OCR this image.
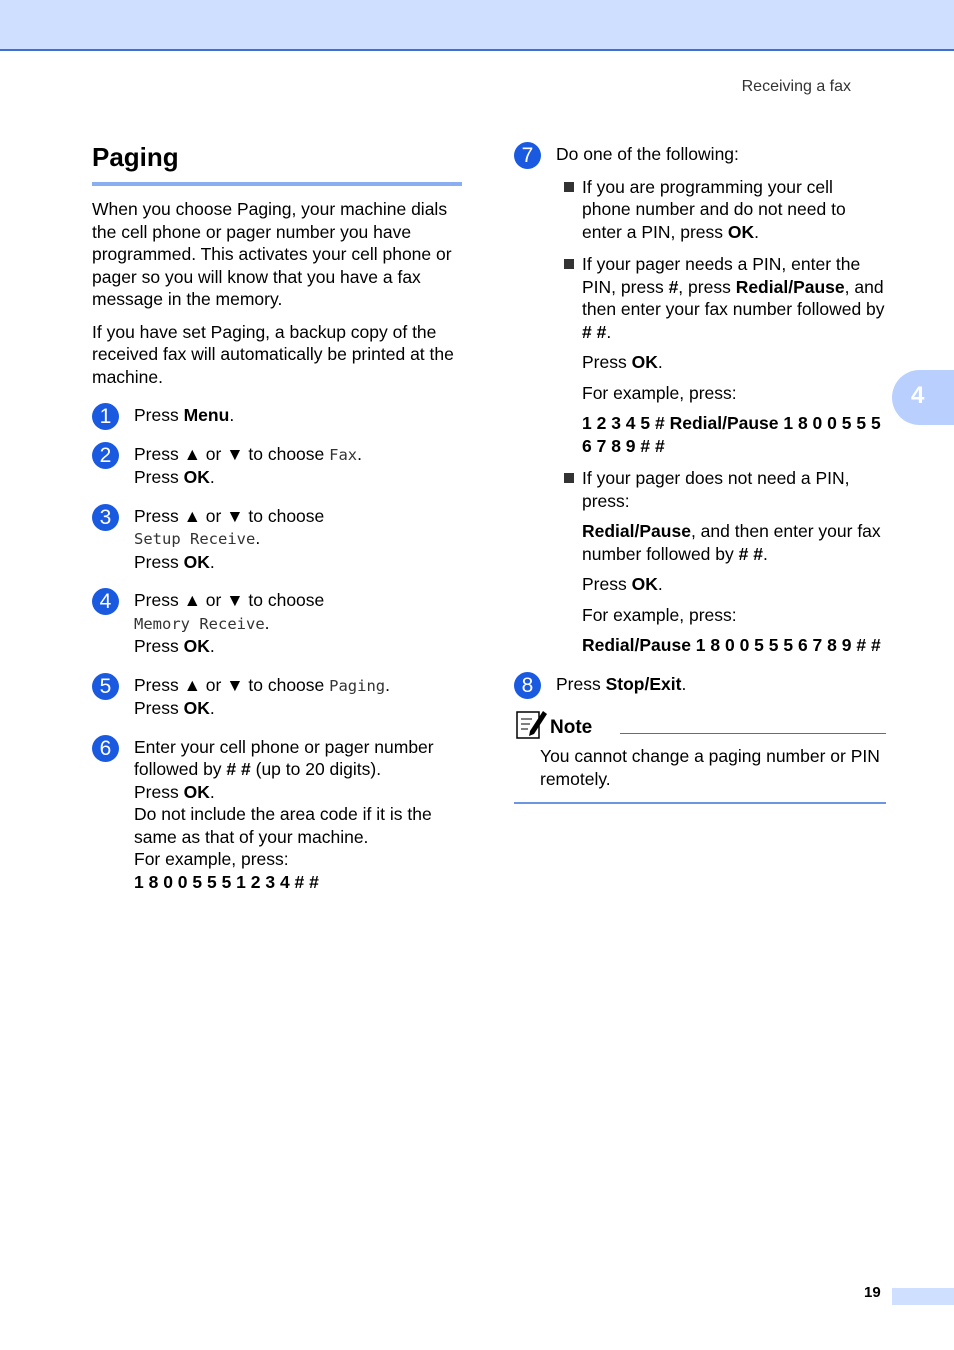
Receiving a fax
4
Paging

When you choose Paging, your machine dials the cell phone or pager number you have programmed. This activates your cell phone or pager so you will know that you have a fax message in the memory.

If you have set Paging, a backup copy of the received fax will automatically be printed at the machine.

1	Press Menu.
2	Press ▲ or ▼ to choose Fax.
Press OK.
3	Press ▲ or ▼ to choose
Setup Receive.
Press OK.
4	Press ▲ or ▼ to choose
Memory Receive.
Press OK.
5	Press ▲ or ▼ to choose Paging.
Press OK.
6	Enter your cell phone or pager number followed by # # (up to 20 digits).
Press OK.
Do not include the area code if it is the same as that of your machine.
For example, press:
1 8 0 0 5 5 5 1 2 3 4 # #
7	Do one of the following:
If you are programming your cell phone number and do not need to enter a PIN, press OK.
If your pager needs a PIN, enter the PIN, press #, press Redial/Pause, and then enter your fax number followed by # #.
Press OK.
For example, press:
1 2 3 4 5 # Redial/Pause 1 8 0 0 5 5 5 6 7 8 9 # #
If your pager does not need a PIN, press:
Redial/Pause, and then enter your fax number followed by # #.
Press OK.
For example, press:
Redial/Pause 1 8 0 0 5 5 5 6 7 8 9 # #
8	Press Stop/Exit.
Note
You cannot change a paging number or PIN remotely.
19
